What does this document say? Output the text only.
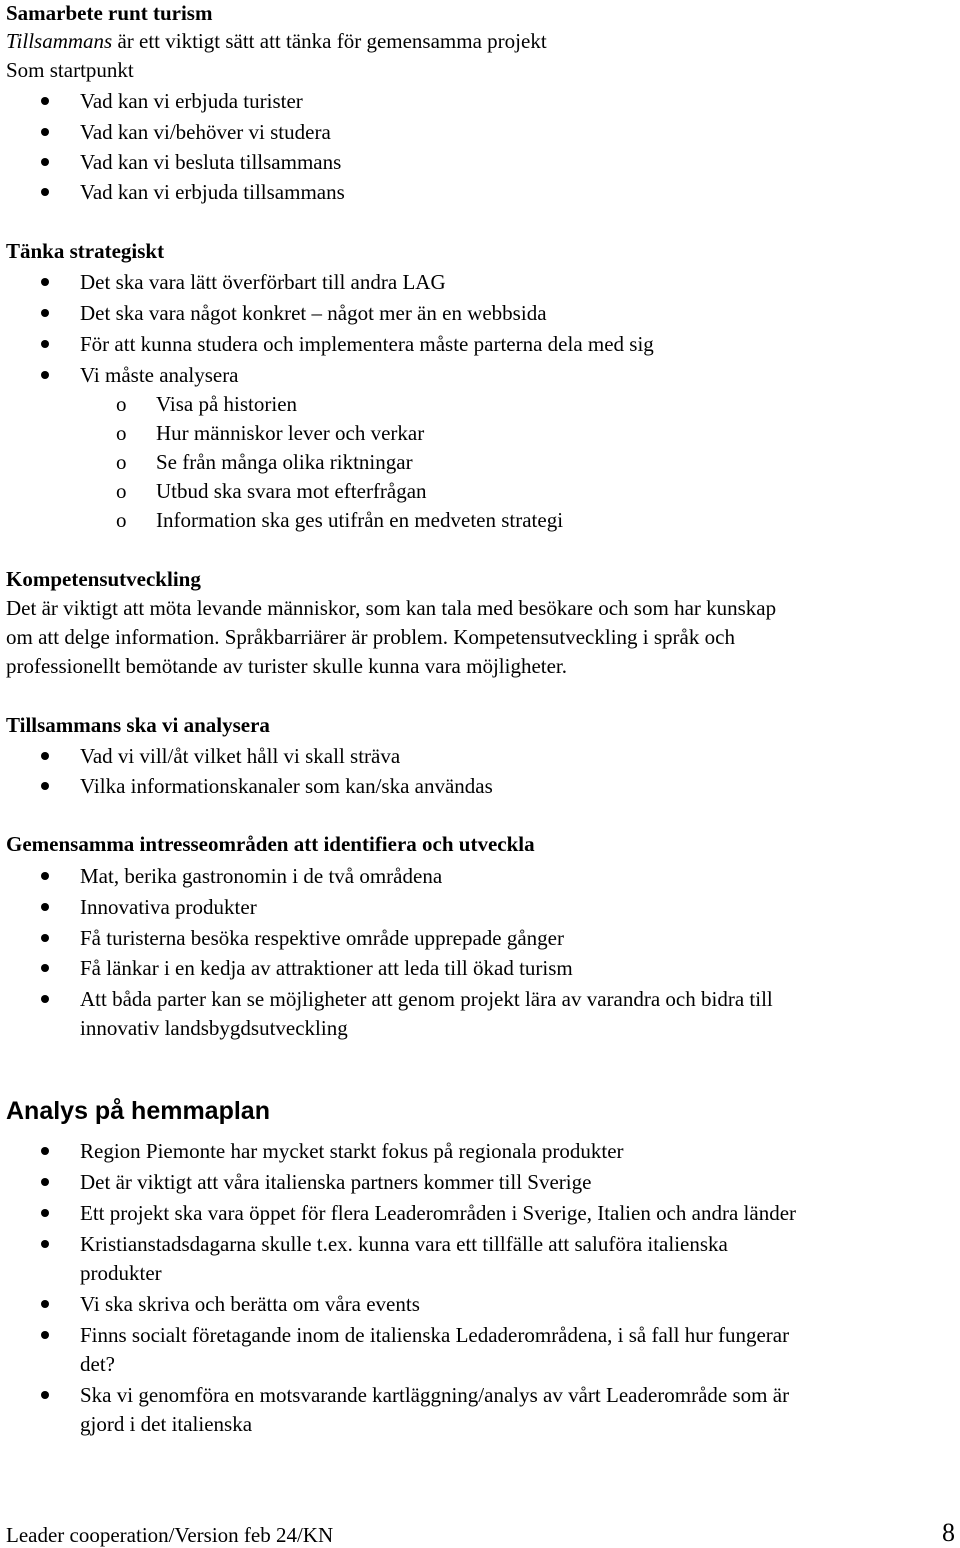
Samarbete runt turism
Tillsammans är ett viktigt sätt att tänka för gemensamma projekt
Som startpunkt
Vad kan vi erbjuda turister
Vad kan vi/behöver vi studera
Vad kan vi besluta tillsammans
Vad kan vi erbjuda tillsammans
Tänka strategiskt
Det ska vara lätt överförbart till andra LAG
Det ska vara något konkret – något mer än en webbsida
För att kunna studera och implementera måste parterna dela med sig
Vi måste analysera
o Visa på historien
o Hur människor lever och verkar
o Se från många olika riktningar
o Utbud ska svara mot efterfrågan
o Information ska ges utifrån en medveten strategi
Kompetensutveckling
Det är viktigt att möta levande människor, som kan tala med besökare och som har kunskap
om att delge information. Språkbarriärer är problem. Kompetensutveckling i språk och
professionellt bemötande av turister skulle kunna vara möjligheter.
Tillsammans ska vi analysera
Vad vi vill/åt vilket håll vi skall sträva
Vilka informationskanaler som kan/ska användas
Gemensamma intresseområden att identifiera och utveckla
Mat, berika gastronomin i de två områdena
Innovativa produkter
Få turisterna besöka respektive område upprepade gånger
Få länkar i en kedja av attraktioner att leda till ökad turism
Att båda parter kan se möjligheter att genom projekt lära av varandra och bidra till
innovativ landsbygdsutveckling
Analys på hemmaplan
Region Piemonte har mycket starkt fokus på regionala produkter
Det är viktigt att våra italienska partners kommer till Sverige
Ett projekt ska vara öppet för flera Leaderområden i Sverige, Italien och andra länder
Kristianstadsdagarna skulle t.ex. kunna vara ett tillfälle att saluföra italienska
produkter
Vi ska skriva och berätta om våra events
Finns socialt företagande inom de italienska Ledaderområdena, i så fall hur fungerar
det?
Ska vi genomföra en motsvarande kartläggning/analys av vårt Leaderområde som är
gjord i det italienska
Leader cooperation/Version feb 24/KN	8
